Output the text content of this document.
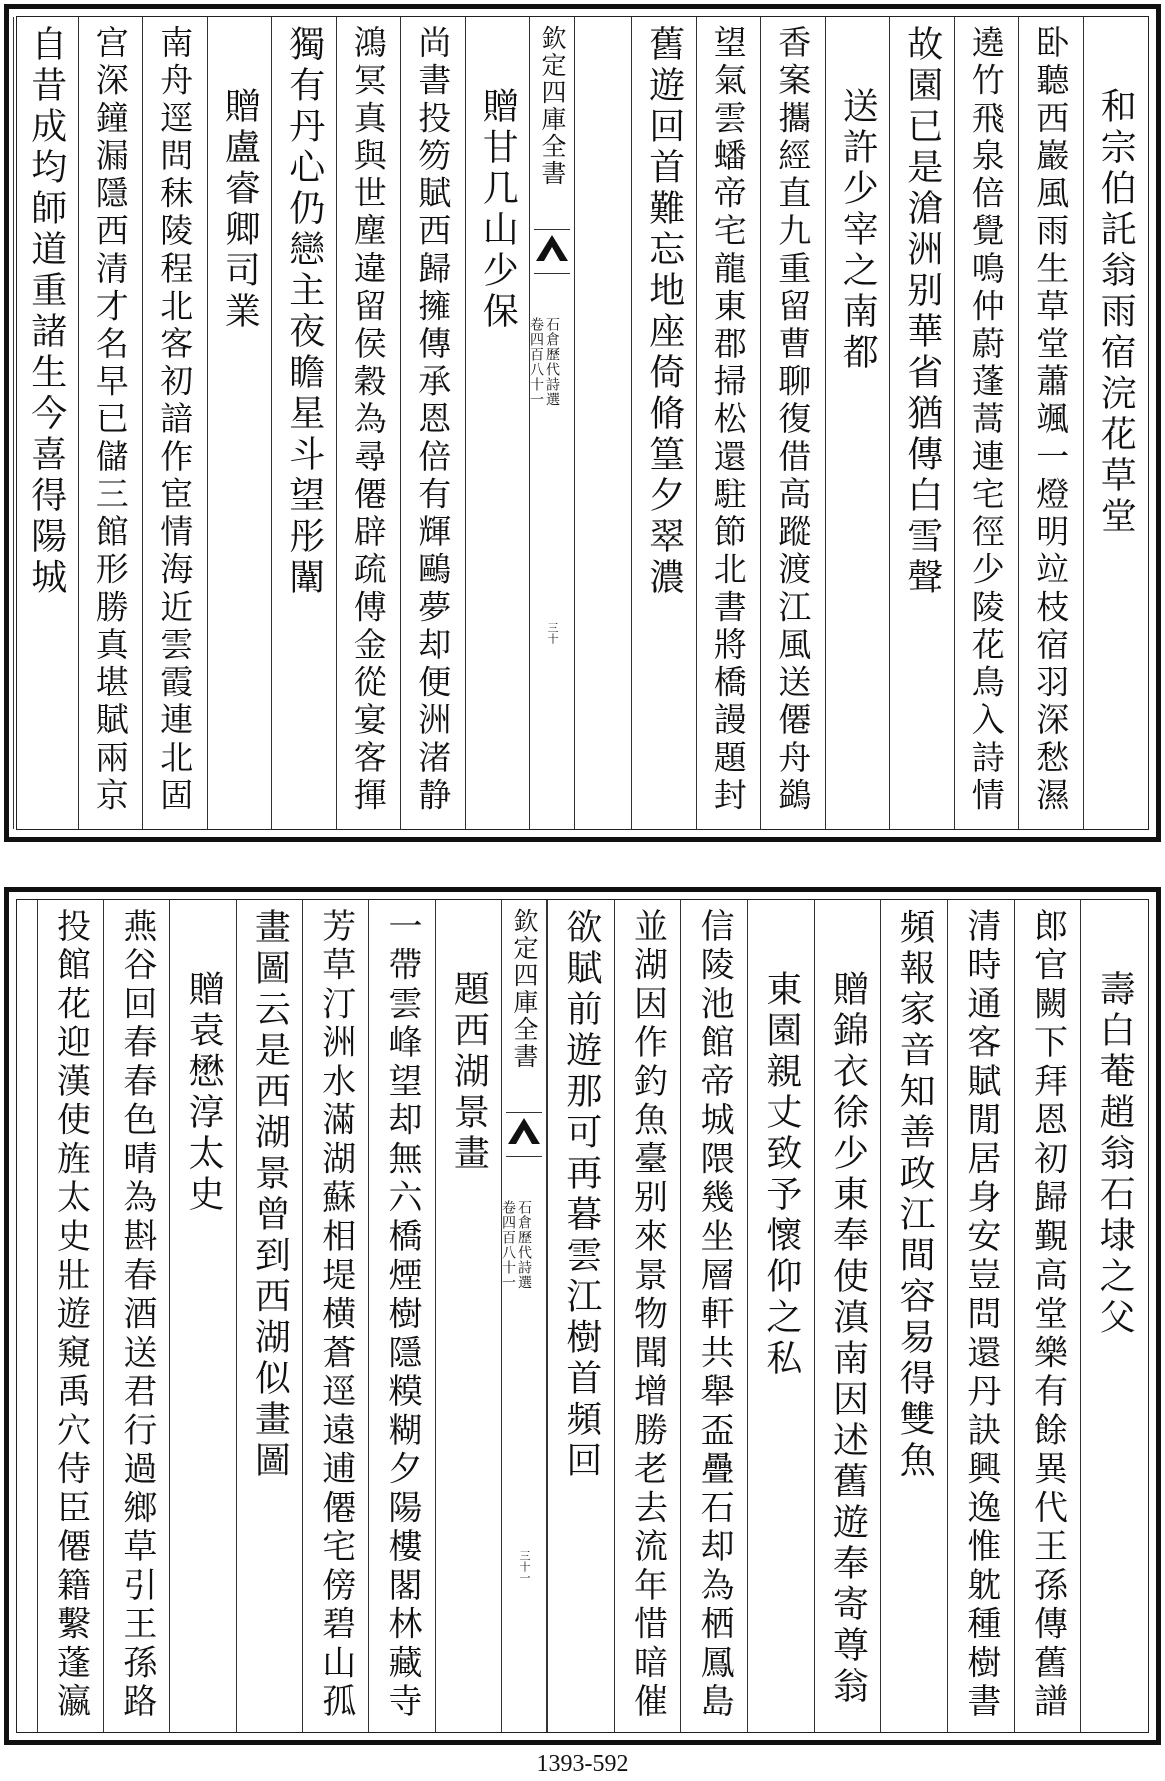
和宗伯託翁雨宿浣花草堂
卧聽西巖風雨生草堂蕭颯一燈明竝枝宿羽深愁濕
遶竹飛泉倍覺鳴仲蔚蓬蒿連宅徑少陵花鳥入詩情
故園已是滄洲别華省猶傳白雪聲
送許少宰之南都
香案攜經直九重留曹聊復借高蹤渡江風送僊舟鷁
望氣雲蟠帝宅龍東郡掃松還駐節北書將橋謾題封
舊遊回首難忘地座倚脩篁夕翠濃
欽定四庫全書
石倉歷代詩選
卷四百八十一
三十
贈甘几山少保
尚書投笏賦西歸擁傳承恩倍有輝鷗夢却便洲渚静
鴻冥真與世塵違留侯穀為尋僊辟疏傅金從宴客揮
獨有丹心仍戀主夜瞻星斗望彤闈
贈盧睿卿司業
南舟逕問秣陵程北客初諳作宦情海近雲霞連北固
宫深鐘漏隱西清才名早已儲三館形勝真堪賦兩京
自昔成均師道重諸生今喜得陽城
壽白菴趙翁石埭之父
郎官闕下拜恩初歸覲高堂樂有餘異代王孫傳舊譜
清時通客賦閒居身安豈問還丹訣興逸惟躭種樹書
頻報家音知善政江間容易得雙魚
贈錦衣徐少東奉使滇南因述舊遊奉寄尊翁
東園親丈致予懷仰之私
信陵池館帝城隈幾坐層軒共舉盃疊石却為栖鳳島
並湖因作釣魚臺别來景物聞增勝老去流年惜暗催
欲賦前遊那可再暮雲江樹首頻回
欽定四庫全書
石倉歷代詩選
卷四百八十一
三十一
題西湖景畫
一帶雲峰望却無六橋煙樹隱糢糊夕陽樓閣林藏寺
芳草汀洲水滿湖蘇相堤横蒼逕遠逋僊宅傍碧山孤
畫圖云是西湖景曾到西湖似畫圖
贈袁懋淳太史
燕谷回春春色晴為斟春酒送君行過鄉草引王孫路
投館花迎漢使旌太史壯遊窺禹穴侍臣僊籍繫蓬瀛
1393-592
